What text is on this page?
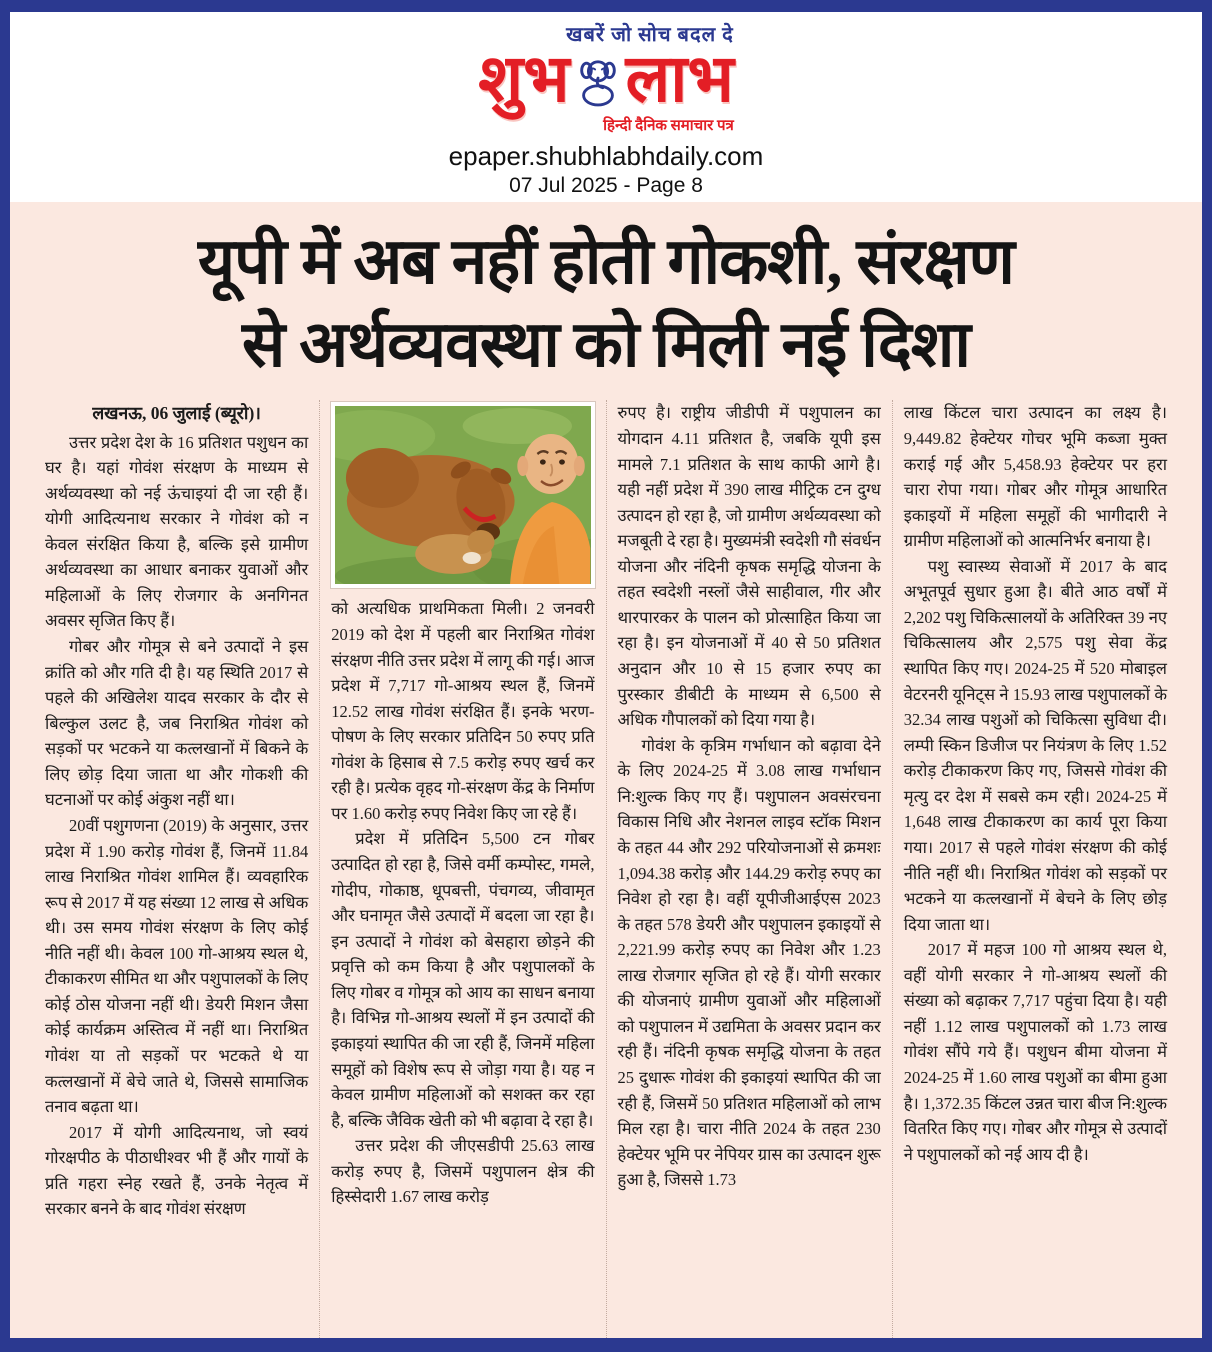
खबरें जो सोच बदल दे
शुभ लाभ
हिन्दी दैनिक समाचार पत्र
epaper.shubhlabhdaily.com
07 Jul 2025 - Page 8
यूपी में अब नहीं होती गोकशी, संरक्षण
से अर्थव्यवस्था को मिली नई दिशा

लखनऊ, 06 जुलाई (ब्यूरो)।

उत्तर प्रदेश देश के 16 प्रतिशत पशुधन का घर है। यहां गोवंश संरक्षण के माध्यम से अर्थव्यवस्था को नई ऊंचाइयां दी जा रही हैं। योगी आदित्यनाथ सरकार ने गोवंश को न केवल संरक्षित किया है, बल्कि इसे ग्रामीण अर्थव्यवस्था का आधार बनाकर युवाओं और महिलाओं के लिए रोजगार के अनगिनत अवसर सृजित किए हैं।

गोबर और गोमूत्र से बने उत्पादों ने इस क्रांति को और गति दी है। यह स्थिति 2017 से पहले की अखिलेश यादव सरकार के दौर से बिल्कुल उलट है, जब निराश्रित गोवंश को सड़कों पर भटकने या कत्लखानों में बिकने के लिए छोड़ दिया जाता था और गोकशी की घटनाओं पर कोई अंकुश नहीं था।

20वीं पशुगणना (2019) के अनुसार, उत्तर प्रदेश में 1.90 करोड़ गोवंश हैं, जिनमें 11.84 लाख निराश्रित गोवंश शामिल हैं। व्यवहारिक रूप से 2017 में यह संख्या 12 लाख से अधिक थी। उस समय गोवंश संरक्षण के लिए कोई नीति नहीं थी। केवल 100 गो-आश्रय स्थल थे, टीकाकरण सीमित था और पशुपालकों के लिए कोई ठोस योजना नहीं थी। डेयरी मिशन जैसा कोई कार्यक्रम अस्तित्व में नहीं था। निराश्रित गोवंश या तो सड़कों पर भटकते थे या कत्लखानों में बेचे जाते थे, जिससे सामाजिक तनाव बढ़ता था।

2017 में योगी आदित्यनाथ, जो स्वयं गोरक्षपीठ के पीठाधीश्वर भी हैं और गायों के प्रति गहरा स्नेह रखते हैं, उनके नेतृत्व में सरकार बनने के बाद गोवंश संरक्षण

को अत्यधिक प्राथमिकता मिली। 2 जनवरी 2019 को देश में पहली बार निराश्रित गोवंश संरक्षण नीति उत्तर प्रदेश में लागू की गई। आज प्रदेश में 7,717 गो-आश्रय स्थल हैं, जिनमें 12.52 लाख गोवंश संरक्षित हैं। इनके भरण-पोषण के लिए सरकार प्रतिदिन 50 रुपए प्रति गोवंश के हिसाब से 7.5 करोड़ रुपए खर्च कर रही है। प्रत्येक वृहद गो-संरक्षण केंद्र के निर्माण पर 1.60 करोड़ रुपए निवेश किए जा रहे हैं।

प्रदेश में प्रतिदिन 5,500 टन गोबर उत्पादित हो रहा है, जिसे वर्मी कम्पोस्ट, गमले, गोदीप, गोकाष्ठ, धूपबत्ती, पंचगव्य, जीवामृत और घनामृत जैसे उत्पादों में बदला जा रहा है। इन उत्पादों ने गोवंश को बेसहारा छोड़ने की प्रवृत्ति को कम किया है और पशुपालकों के लिए गोबर व गोमूत्र को आय का साधन बनाया है। विभिन्न गो-आश्रय स्थलों में इन उत्पादों की इकाइयां स्थापित की जा रही हैं, जिनमें महिला समूहों को विशेष रूप से जोड़ा गया है। यह न केवल ग्रामीण महिलाओं को सशक्त कर रहा है, बल्कि जैविक खेती को भी बढ़ावा दे रहा है।

उत्तर प्रदेश की जीएसडीपी 25.63 लाख करोड़ रुपए है, जिसमें पशुपालन क्षेत्र की हिस्सेदारी 1.67 लाख करोड़

रुपए है। राष्ट्रीय जीडीपी में पशुपालन का योगदान 4.11 प्रतिशत है, जबकि यूपी इस मामले 7.1 प्रतिशत के साथ काफी आगे है। यही नहीं प्रदेश में 390 लाख मीट्रिक टन दुग्ध उत्पादन हो रहा है, जो ग्रामीण अर्थव्यवस्था को मजबूती दे रहा है। मुख्यमंत्री स्वदेशी गौ संवर्धन योजना और नंदिनी कृषक समृद्धि योजना के तहत स्वदेशी नस्लों जैसे साहीवाल, गीर और थारपारकर के पालन को प्रोत्साहित किया जा रहा है। इन योजनाओं में 40 से 50 प्रतिशत अनुदान और 10 से 15 हजार रुपए का पुरस्कार डीबीटी के माध्यम से 6,500 से अधिक गौपालकों को दिया गया है।

गोवंश के कृत्रिम गर्भाधान को बढ़ावा देने के लिए 2024-25 में 3.08 लाख गर्भाधान नि:शुल्क किए गए हैं। पशुपालन अवसंरचना विकास निधि और नेशनल लाइव स्टॉक मिशन के तहत 44 और 292 परियोजनाओं से क्रमशः 1,094.38 करोड़ और 144.29 करोड़ रुपए का निवेश हो रहा है। वहीं यूपीजीआईएस 2023 के तहत 578 डेयरी और पशुपालन इकाइयों से 2,221.99 करोड़ रुपए का निवेश और 1.23 लाख रोजगार सृजित हो रहे हैं। योगी सरकार की योजनाएं ग्रामीण युवाओं और महिलाओं को पशुपालन में उद्यमिता के अवसर प्रदान कर रही हैं। नंदिनी कृषक समृद्धि योजना के तहत 25 दुधारू गोवंश की इकाइयां स्थापित की जा रही हैं, जिसमें 50 प्रतिशत महिलाओं को लाभ मिल रहा है। चारा नीति 2024 के तहत 230 हेक्टेयर भूमि पर नेपियर ग्रास का उत्पादन शुरू हुआ है, जिससे 1.73

लाख किंटल चारा उत्पादन का लक्ष्य है। 9,449.82 हेक्टेयर गोचर भूमि कब्जा मुक्त कराई गई और 5,458.93 हेक्टेयर पर हरा चारा रोपा गया। गोबर और गोमूत्र आधारित इकाइयों में महिला समूहों की भागीदारी ने ग्रामीण महिलाओं को आत्मनिर्भर बनाया है।

पशु स्वास्थ्य सेवाओं में 2017 के बाद अभूतपूर्व सुधार हुआ है। बीते आठ वर्षों में 2,202 पशु चिकित्सालयों के अतिरिक्त 39 नए चिकित्सालय और 2,575 पशु सेवा केंद्र स्थापित किए गए। 2024-25 में 520 मोबाइल वेटरनरी यूनिट्स ने 15.93 लाख पशुपालकों के 32.34 लाख पशुओं को चिकित्सा सुविधा दी। लम्पी स्किन डिजीज पर नियंत्रण के लिए 1.52 करोड़ टीकाकरण किए गए, जिससे गोवंश की मृत्यु दर देश में सबसे कम रही। 2024-25 में 1,648 लाख टीकाकरण का कार्य पूरा किया गया। 2017 से पहले गोवंश संरक्षण की कोई नीति नहीं थी। निराश्रित गोवंश को सड़कों पर भटकने या कत्लखानों में बेचने के लिए छोड़ दिया जाता था।

2017 में महज 100 गो आश्रय स्थल थे, वहीं योगी सरकार ने गो-आश्रय स्थलों की संख्या को बढ़ाकर 7,717 पहुंचा दिया है। यही नहीं 1.12 लाख पशुपालकों को 1.73 लाख गोवंश सौंपे गये हैं। पशुधन बीमा योजना में 2024-25 में 1.60 लाख पशुओं का बीमा हुआ है। 1,372.35 किंटल उन्नत चारा बीज नि:शुल्क वितरित किए गए। गोबर और गोमूत्र से उत्पादों ने पशुपालकों को नई आय दी है।
